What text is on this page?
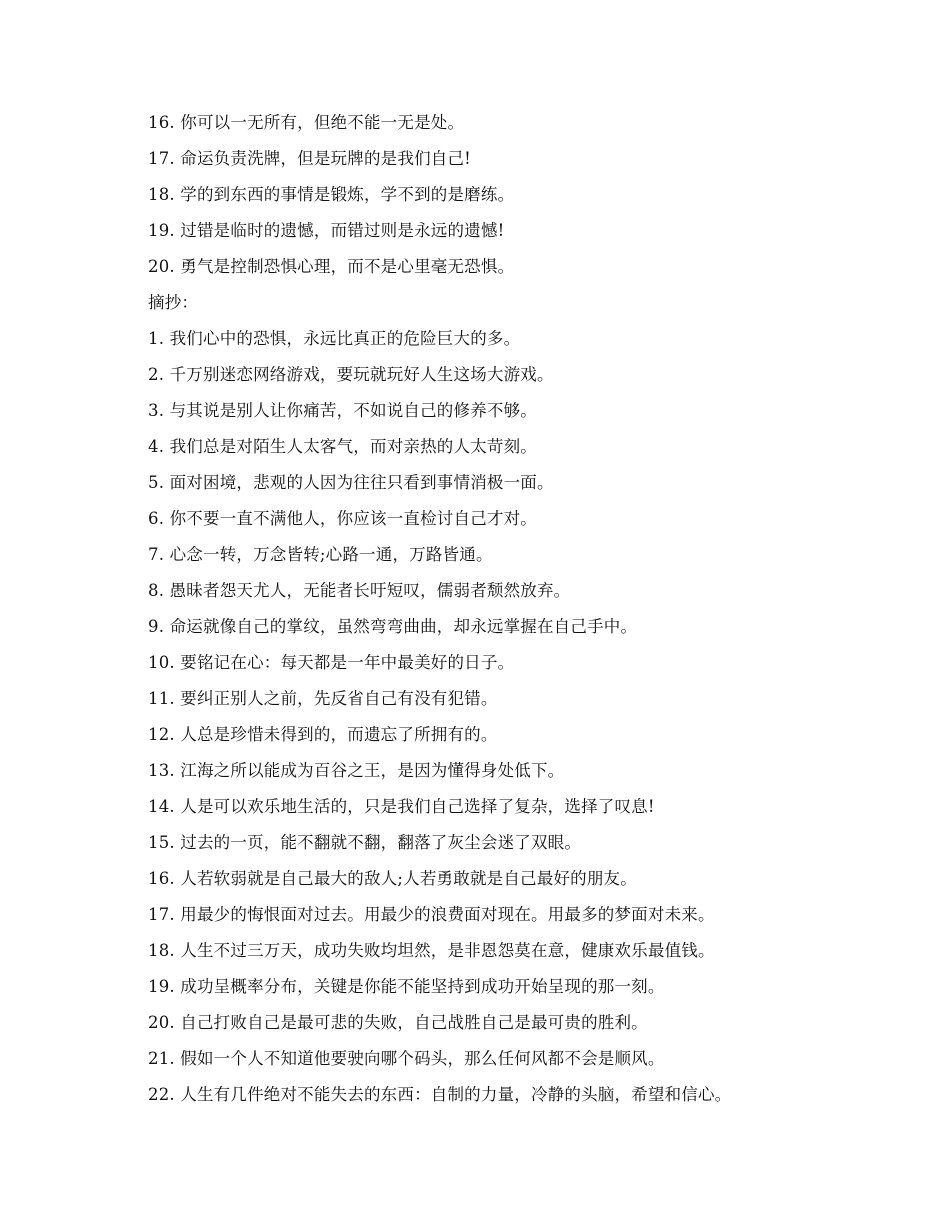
16. 你可以一无所有，但绝不能一无是处。
17. 命运负责洗牌，但是玩牌的是我们自己!
18. 学的到东西的事情是锻炼，学不到的是磨练。
19. 过错是临时的遗憾，而错过则是永远的遗憾!
20. 勇气是控制恐惧心理，而不是心里毫无恐惧。
摘抄：
1. 我们心中的恐惧，永远比真正的危险巨大的多。
2. 千万别迷恋网络游戏，要玩就玩好人生这场大游戏。
3. 与其说是别人让你痛苦，不如说自己的修养不够。
4. 我们总是对陌生人太客气，而对亲热的人太苛刻。
5. 面对困境，悲观的人因为往往只看到事情消极一面。
6. 你不要一直不满他人，你应该一直检讨自己才对。
7. 心念一转，万念皆转;心路一通，万路皆通。
8. 愚昧者怨天尤人，无能者长吁短叹，儒弱者颓然放弃。
9. 命运就像自己的掌纹，虽然弯弯曲曲，却永远掌握在自己手中。
10. 要铭记在心：每天都是一年中最美好的日子。
11. 要纠正别人之前，先反省自己有没有犯错。
12. 人总是珍惜未得到的，而遗忘了所拥有的。
13. 江海之所以能成为百谷之王，是因为懂得身处低下。
14. 人是可以欢乐地生活的，只是我们自己选择了复杂，选择了叹息!
15. 过去的一页，能不翻就不翻，翻落了灰尘会迷了双眼。
16. 人若软弱就是自己最大的敌人;人若勇敢就是自己最好的朋友。
17. 用最少的悔恨面对过去。用最少的浪费面对现在。用最多的梦面对未来。
18. 人生不过三万天，成功失败均坦然，是非恩怨莫在意，健康欢乐最值钱。
19. 成功呈概率分布，关键是你能不能坚持到成功开始呈现的那一刻。
20. 自己打败自己是最可悲的失败，自己战胜自己是最可贵的胜利。
21. 假如一个人不知道他要驶向哪个码头，那么任何风都不会是顺风。
22. 人生有几件绝对不能失去的东西：自制的力量，冷静的头脑，希望和信心。
